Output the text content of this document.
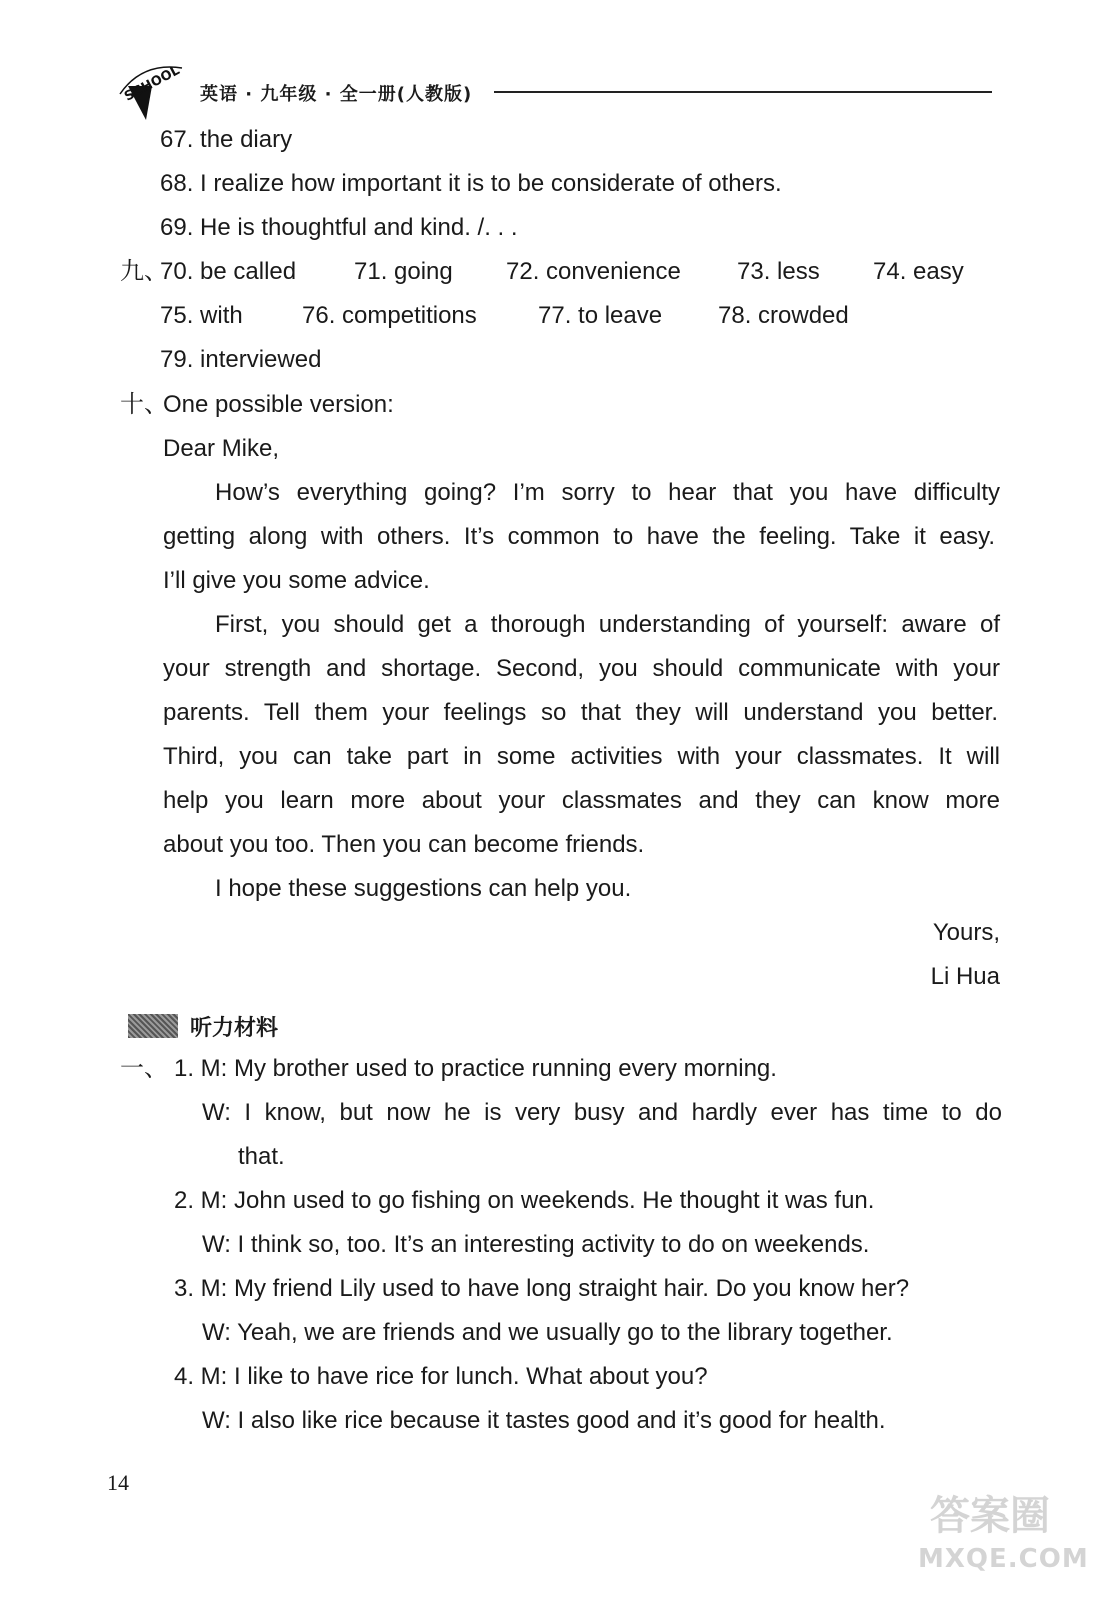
SCHOOL 英语 · 九年级 · 全一册(人教版)
67. the diary
68. I realize how important it is to be considerate of others.
69. He is thoughtful and kind. /. . .
九、
70. be called 71. going 72. convenience 73. less 74. easy
75. with 76. competitions	77. to leave 78. crowded
79. interviewed
十、
One possible version:
Dear Mike,
How’s everything going? I’m sorry to hear that you have difficulty
getting along with others. It’s common to have the feeling. Take it easy.
I’ll give you some advice.
First, you should get a thorough understanding of yourself: aware of
your strength and shortage. Second, you should communicate with your
parents. Tell them your feelings so that they will understand you better.
Third, you can take part in some activities with your classmates. It will
help you learn more about your classmates and they can know more
about you too. Then you can become friends.
I hope these suggestions can help you.
Yours,
Li Hua
听力材料
一、 1. M: My brother used to practice running every morning.
W: I know, but now he is very busy and hardly ever has time to do
that.
2. M: John used to go fishing on weekends. He thought it was fun.
W: I think so, too. It’s an interesting activity to do on weekends.
3. M: My friend Lily used to have long straight hair. Do you know her?
W: Yeah, we are friends and we usually go to the library together.
4. M: I like to have rice for lunch. What about you?
W: I also like rice because it tastes good and it’s good for health.
14
答案圈
MXQE.COM
